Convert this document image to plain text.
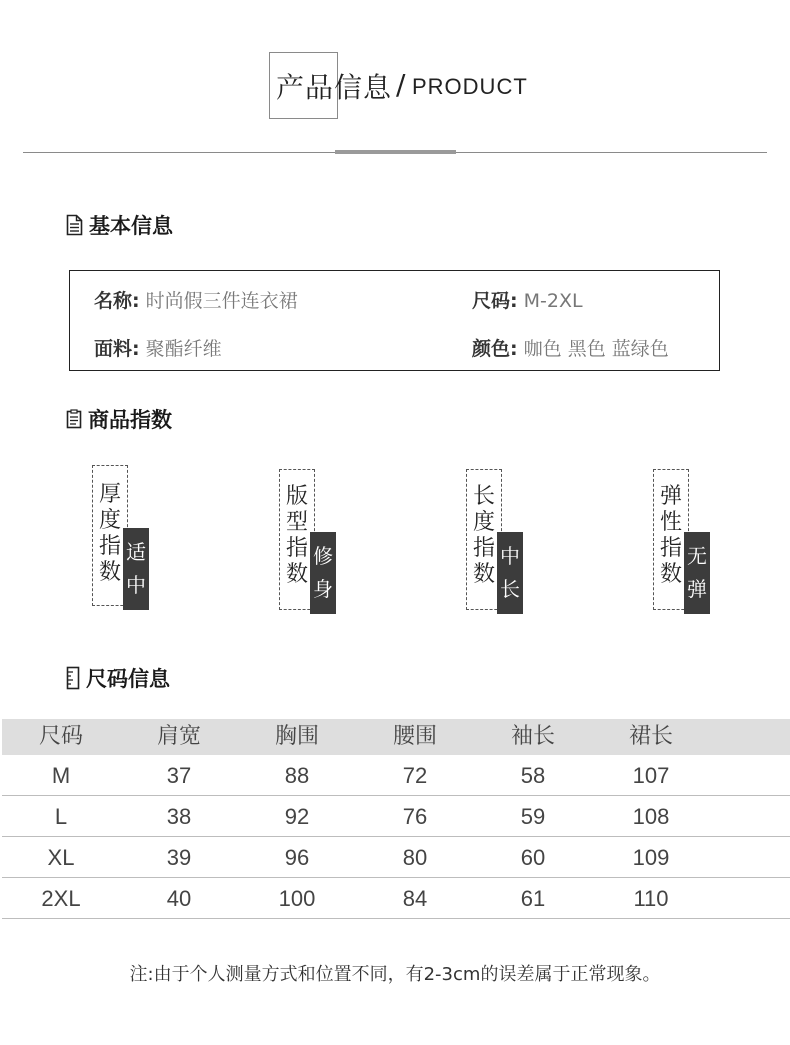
产品信息 / PRODUCT
基本信息
名称: 时尚假三件连衣裙	尺码: M-2XL
面料: 聚酯纤维	颜色: 咖色 黑色 蓝绿色
商品指数
厚
度
指
数
适
中
版
型
指
数
修
身
长
度
指
数
中
长
弹
性
指
数
无
弹
尺码信息
尺码	肩宽	胸围	腰围	袖长	裙长
M	37	88	72	58	107
L	38	92	76	59	108
XL	39	96	80	60	109
2XL	40	100	84	61	110
注:由于个人测量方式和位置不同，有2-3cm的误差属于正常现象。
